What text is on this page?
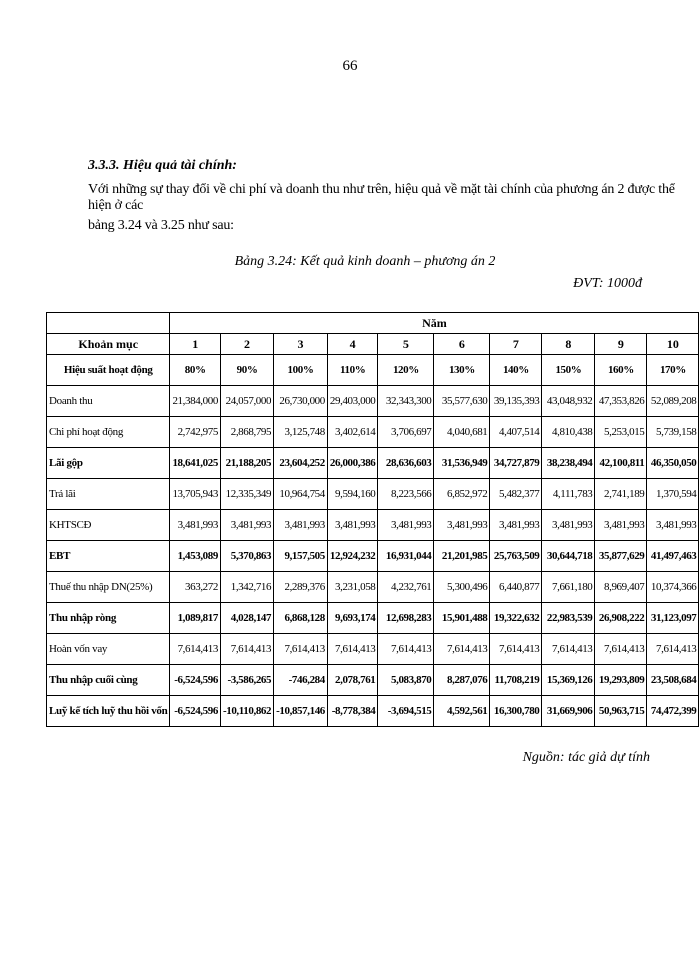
66
3.3.3. Hiệu quả tài chính:
Với những sự thay đổi về chi phí và doanh thu như trên, hiệu quả về mặt tài chính của phương án 2 được thể hiện ở các
bảng 3.24 và 3.25 như sau:
Bảng 3.24: Kết quả kinh doanh – phương án 2
ĐVT: 1000đ
	Năm									
Khoản mục	1	2	3	4	5	6	7	8	9	10
Hiệu suất hoạt động	80%	90%	100%	110%	120%	130%	140%	150%	160%	170%
Doanh thu	21,384,000	24,057,000	26,730,000	29,403,000	32,343,300	35,577,630	39,135,393	43,048,932	47,353,826	52,089,208
Chi phí hoạt động	2,742,975	2,868,795	3,125,748	3,402,614	3,706,697	4,040,681	4,407,514	4,810,438	5,253,015	5,739,158
Lãi gộp	18,641,025	21,188,205	23,604,252	26,000,386	28,636,603	31,536,949	34,727,879	38,238,494	42,100,811	46,350,050
Trả lãi	13,705,943	12,335,349	10,964,754	9,594,160	8,223,566	6,852,972	5,482,377	4,111,783	2,741,189	1,370,594
KHTSCĐ	3,481,993	3,481,993	3,481,993	3,481,993	3,481,993	3,481,993	3,481,993	3,481,993	3,481,993	3,481,993
EBT	1,453,089	5,370,863	9,157,505	12,924,232	16,931,044	21,201,985	25,763,509	30,644,718	35,877,629	41,497,463
Thuế thu nhập DN(25%)	363,272	1,342,716	2,289,376	3,231,058	4,232,761	5,300,496	6,440,877	7,661,180	8,969,407	10,374,366
Thu nhập ròng	1,089,817	4,028,147	6,868,128	9,693,174	12,698,283	15,901,488	19,322,632	22,983,539	26,908,222	31,123,097
Hoàn vốn vay	7,614,413	7,614,413	7,614,413	7,614,413	7,614,413	7,614,413	7,614,413	7,614,413	7,614,413	7,614,413
Thu nhập cuối cùng	-6,524,596	-3,586,265	-746,284	2,078,761	5,083,870	8,287,076	11,708,219	15,369,126	19,293,809	23,508,684
Luỹ kế tích luỹ thu hồi vốn	-6,524,596	-10,110,862	-10,857,146	-8,778,384	-3,694,515	4,592,561	16,300,780	31,669,906	50,963,715	74,472,399
Nguồn: tác giả dự tính
